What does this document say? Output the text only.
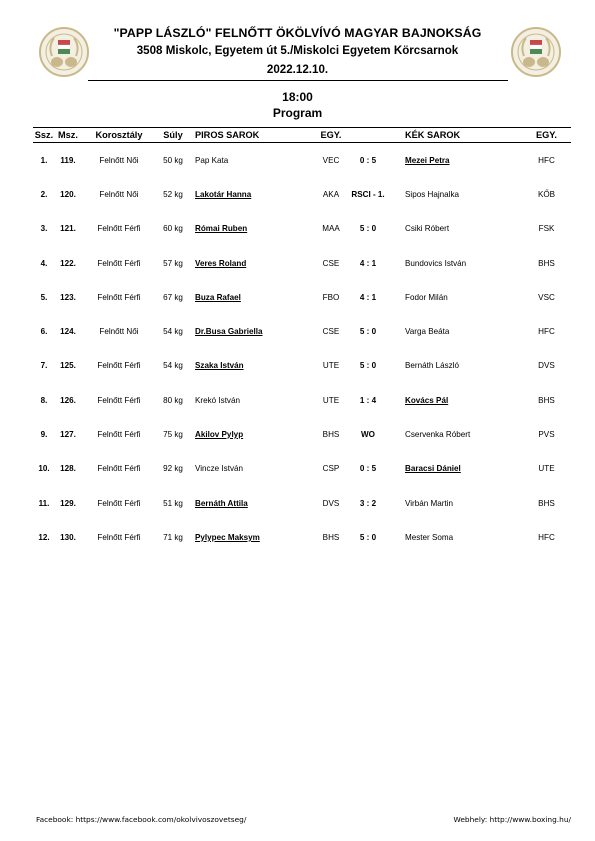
"PAPP LÁSZLÓ" FELNŐTT ÖKÖLVÍVÓ MAGYAR BAJNOKSÁG
3508 Miskolc, Egyetem út 5./Miskolci Egyetem Körcsarnok
2022.12.10.
18:00
Program
Ssz.	Msz.	Korosztály	Súly	PIROS SAROK	EGY.		KÉK SAROK	EGY.
1.	119.	Felnőtt Női	50 kg	Pap Kata	VEC	0 : 5	Mezei Petra	HFC
2.	120.	Felnőtt Női	52 kg	Lakotár Hanna	AKA	RSCI - 1.	Sipos Hajnalka	KŐB
3.	121.	Felnőtt Férfi	60 kg	Római Ruben	MAA	5 : 0	Csiki Róbert	FSK
4.	122.	Felnőtt Férfi	57 kg	Veres Roland	CSE	4 : 1	Bundovics István	BHS
5.	123.	Felnőtt Férfi	67 kg	Buza Rafael	FBO	4 : 1	Fodor Milán	VSC
6.	124.	Felnőtt Női	54 kg	Dr.Busa Gabriella	CSE	5 : 0	Varga Beáta	HFC
7.	125.	Felnőtt Férfi	54 kg	Szaka István	UTE	5 : 0	Bernáth László	DVS
8.	126.	Felnőtt Férfi	80 kg	Krekó István	UTE	1 : 4	Kovács Pál	BHS
9.	127.	Felnőtt Férfi	75 kg	Akilov Pylyp	BHS	WO	Cservenka Róbert	PVS
10.	128.	Felnőtt Férfi	92 kg	Vincze István	CSP	0 : 5	Baracsi Dániel	UTE
11.	129.	Felnőtt Férfi	51 kg	Bernáth Attila	DVS	3 : 2	Virbán Martin	BHS
12.	130.	Felnőtt Férfi	71 kg	Pylypec Maksym	BHS	5 : 0	Mester Soma	HFC
Facebook: https://www.facebook.com/okolvivoszovetseg/	Webhely: http://www.boxing.hu/
